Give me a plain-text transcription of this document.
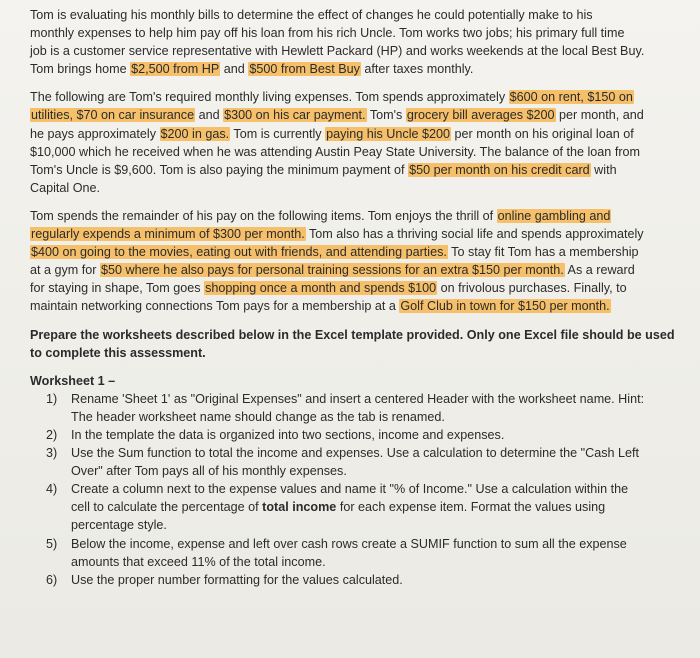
Tom is evaluating his monthly bills to determine the effect of changes he could potentially make to his
monthly expenses to help him pay off his loan from his rich Uncle. Tom works two jobs; his primary full time
job is a customer service representative with Hewlett Packard (HP) and works weekends at the local Best Buy.
Tom brings home $2,500 from HP and $500 from Best Buy after taxes monthly.

The following are Tom's required monthly living expenses. Tom spends approximately $600 on rent, $150 on
utilities, $70 on car insurance and $300 on his car payment. Tom's grocery bill averages $200 per month, and
he pays approximately $200 in gas. Tom is currently paying his Uncle $200 per month on his original loan of
$10,000 which he received when he was attending Austin Peay State University. The balance of the loan from
Tom's Uncle is $9,600. Tom is also paying the minimum payment of $50 per month on his credit card with
Capital One.

Tom spends the remainder of his pay on the following items. Tom enjoys the thrill of online gambling and
regularly expends a minimum of $300 per month. Tom also has a thriving social life and spends approximately
$400 on going to the movies, eating out with friends, and attending parties. To stay fit Tom has a membership
at a gym for $50 where he also pays for personal training sessions for an extra $150 per month. As a reward
for staying in shape, Tom goes shopping once a month and spends $100 on frivolous purchases. Finally, to
maintain networking connections Tom pays for a membership at a Golf Club in town for $150 per month.

Prepare the worksheets described below in the Excel template provided. Only one Excel file should be used
to complete this assessment.

Worksheet 1 –
1) Rename 'Sheet 1' as "Original Expenses" and insert a centered Header with the worksheet name. Hint:
The header worksheet name should change as the tab is renamed.
2) In the template the data is organized into two sections, income and expenses.
3) Use the Sum function to total the income and expenses. Use a calculation to determine the "Cash Left
Over" after Tom pays all of his monthly expenses.
4) Create a column next to the expense values and name it "% of Income." Use a calculation within the
cell to calculate the percentage of total income for each expense item. Format the values using
percentage style.
5) Below the income, expense and left over cash rows create a SUMIF function to sum all the expense
amounts that exceed 11% of the total income.
6) Use the proper number formatting for the values calculated.
